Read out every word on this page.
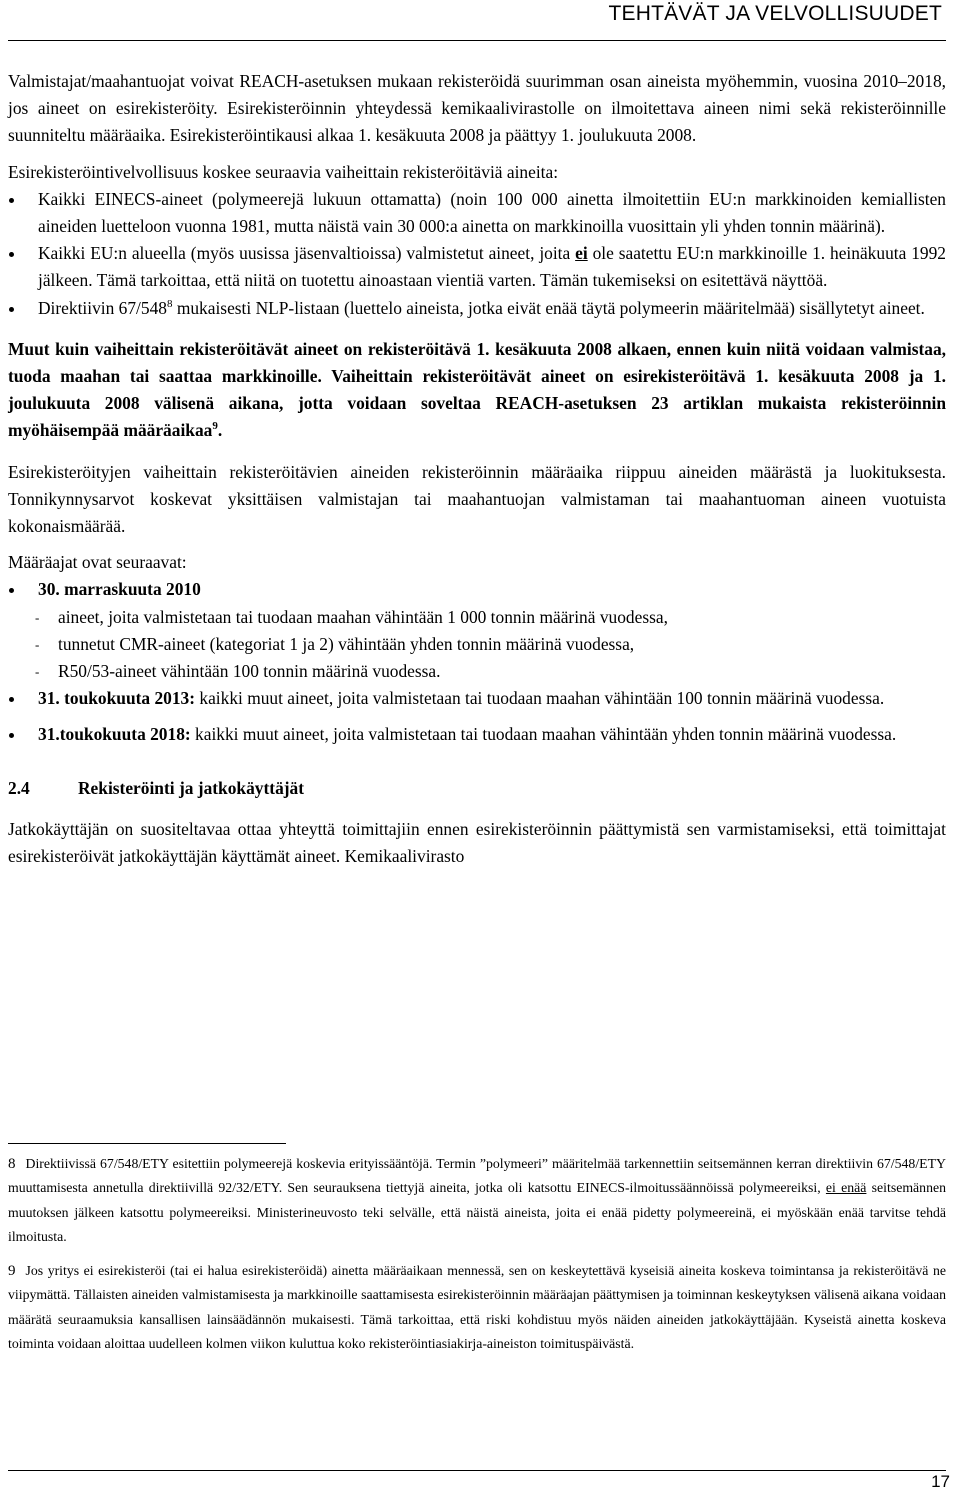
TEHTÄVÄT JA VELVOLLISUUDET

Valmistajat/maahantuojat voivat REACH-asetuksen mukaan rekisteröidä suurimman osan aineista myöhemmin, vuosina 2010–2018, jos aineet on esirekisteröity. Esirekisteröinnin yhteydessä kemikaalivirastolle on ilmoitettava aineen nimi sekä rekisteröinnille suunniteltu määräaika. Esirekisteröintikausi alkaa 1. kesäkuuta 2008 ja päättyy 1. joulukuuta 2008.

Esirekisteröintivelvollisuus koskee seuraavia vaiheittain rekisteröitäviä aineita:

Kaikki EINECS-aineet (polymeerejä lukuun ottamatta) (noin 100 000 ainetta ilmoitettiin EU:n markkinoiden kemiallisten aineiden luetteloon vuonna 1981, mutta näistä vain 30 000:a ainetta on markkinoilla vuosittain yli yhden tonnin määrinä).
Kaikki EU:n alueella (myös uusissa jäsenvaltioissa) valmistetut aineet, joita ei ole saatettu EU:n markkinoille 1. heinäkuuta 1992 jälkeen. Tämä tarkoittaa, että niitä on tuotettu ainoastaan vientiä varten. Tämän tukemiseksi on esitettävä näyttöä.
Direktiivin $67/548^8$ mukaisesti NLP-listaan (luettelo aineista, jotka eivät enää täytä polymeerin määritelmää) sisällytetyt aineet.

Muut kuin vaiheittain rekisteröitävät aineet on rekisteröitävä 1. kesäkuuta 2008 alkaen, ennen kuin niitä voidaan valmistaa, tuoda maahan tai saattaa markkinoille. Vaiheittain rekisteröitävät aineet on esirekisteröitävä 1. kesäkuuta 2008 ja 1. joulukuuta 2008 välisenä aikana, jotta voidaan soveltaa REACH-asetuksen 23 artiklan mukaista rekisteröinnin myöhäisempää määräaikaa$^9$.

Esirekisteröityjen vaiheittain rekisteröitävien aineiden rekisteröinnin määräaika riippuu aineiden määrästä ja luokituksesta. Tonnikynnysarvot koskevat yksittäisen valmistajan tai maahantuojan valmistaman tai maahantuoman aineen vuotuista kokonaismäärää.

Määräajat ovat seuraavat:

30. marraskuuta 2010
- aineet, joita valmistetaan tai tuodaan maahan vähintään 1 000 tonnin määrinä vuodessa,
- tunnetut CMR-aineet (kategoriat 1 ja 2) vähintään yhden tonnin määrinä vuodessa,
- R50/53-aineet vähintään 100 tonnin määrinä vuodessa.
31. toukokuuta 2013: kaikki muut aineet, joita valmistetaan tai tuodaan maahan vähintään 100 tonnin määrinä vuodessa.
31.toukokuuta 2018: kaikki muut aineet, joita valmistetaan tai tuodaan maahan vähintään yhden tonnin määrinä vuodessa.
2.4	Rekisteröinti ja jatkokäyttäjät

Jatkokäyttäjän on suositeltavaa ottaa yhteyttä toimittajiin ennen esirekisteröinnin päättymistä sen varmistamiseksi, että toimittajat esirekisteröivät jatkokäyttäjän käyttämät aineet. Kemikaalivirasto

8 Direktiivissä 67/548/ETY esitettiin polymeerejä koskevia erityissääntöjä. Termin ”polymeeri” määritelmää tarkennettiin seitsemännen kerran direktiivin 67/548/ETY muuttamisesta annetulla direktiivillä 92/32/ETY. Sen seurauksena tiettyjä aineita, jotka oli katsottu EINECS-ilmoitussäännöissä polymeereiksi, ei enää seitsemännen muutoksen jälkeen katsottu polymeereiksi. Ministerineuvosto teki selvälle, että näistä aineista, joita ei enää pidetty polymeereinä, ei myöskään enää tarvitse tehdä ilmoitusta.

9 Jos yritys ei esirekisteröi (tai ei halua esirekisteröidä) ainetta määräaikaan mennessä, sen on keskeytettävä kyseisiä aineita koskeva toimintansa ja rekisteröitävä ne viipymättä. Tällaisten aineiden valmistamisesta ja markkinoille saattamisesta esirekisteröinnin määräajan päättymisen ja toiminnan keskeytyksen välisenä aikana voidaan määrätä seuraamuksia kansallisen lainsäädännön mukaisesti. Tämä tarkoittaa, että riski kohdistuu myös näiden aineiden jatkokäyttäjään. Kyseistä ainetta koskeva toiminta voidaan aloittaa uudelleen kolmen viikon kuluttua koko rekisteröintiasiakirja-aineiston toimituspäivästä.

17
